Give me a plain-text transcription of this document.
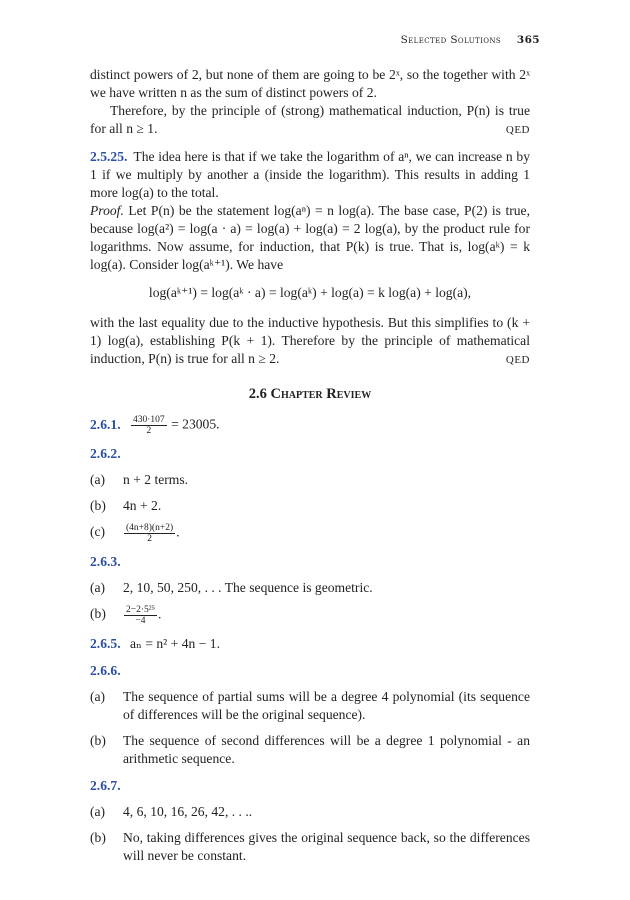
Selected Solutions 365

distinct powers of 2, but none of them are going to be 2ˣ, so the together with 2ˣ we have written n as the sum of distinct powers of 2.

Therefore, by the principle of (strong) mathematical induction, P(n) is true for all n ≥ 1.	QED

2.5.25. The idea here is that if we take the logarithm of aⁿ, we can increase n by 1 if we multiply by another a (inside the logarithm). This results in adding 1 more log(a) to the total.

Proof. Let P(n) be the statement log(aⁿ) = n log(a). The base case, P(2) is true, because log(a²) = log(a · a) = log(a) + log(a) = 2 log(a), by the product rule for logarithms. Now assume, for induction, that P(k) is true. That is, log(aᵏ) = k log(a). Consider log(aᵏ⁺¹). We have

log(aᵏ⁺¹) = log(aᵏ · a) = log(aᵏ) + log(a) = k log(a) + log(a),

with the last equality due to the inductive hypothesis. But this simplifies to (k + 1) log(a), establishing P(k + 1). Therefore by the principle of mathematical induction, P(n) is true for all n ≥ 2.	QED

2.6 Chapter Review
2.6.1. $\frac{430\cdot 107}{2} = 23005$.
2.6.2.
(a) n + 2 terms.
(b) 4n + 2.
$(c) \frac{(4n+8)(n+2)}{2}$ .
2.6.3.
(a) 2, 10, 50, 250, . . . The sequence is geometric.
$(b) \frac{\text{2−2·5²⁵}}{-4}$ .
2.6.5. aₙ = n² + 4n − 1.
2.6.6.
(a) The sequence of partial sums will be a degree 4 polynomial (its sequence of differences will be the original sequence).
(b) The sequence of second differences will be a degree 1 polynomial - an arithmetic sequence.
2.6.7.
(a) 4, 6, 10, 16, 26, 42, . . ..
(b) No, taking differences gives the original sequence back, so the differences will never be constant.
